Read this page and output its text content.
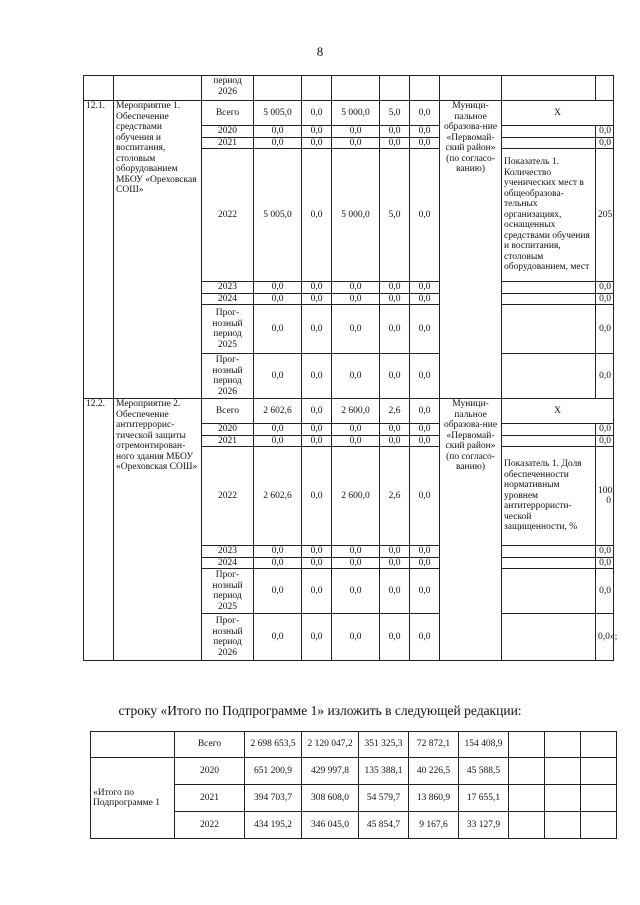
8
		период 2026								
12.1.	Мероприятие 1. Обеспечение средствами обучения и воспитания, столовым оборудованием МБОУ «Ореховская СОШ»	Всего	5 005,0	0,0	5 000,0	5,0	0,0	Муници-пальное образова-ние «Первомай-ский район» (по согласо-ванию)	Х	
		2020	0,0	0,0	0,0	0,0	0,0			0,0
		2021	0,0	0,0	0,0	0,0	0,0			0,0
		2022	5 005,0	0,0	5 000,0	5,0	0,0		Показатель 1. Количество ученических мест в общеобразова-тельных организациях, оснащенных средствами обучения и воспитания, столовым оборудованием, мест	205
		2023	0,0	0,0	0,0	0,0	0,0			0,0
		2024	0,0	0,0	0,0	0,0	0,0			0,0
		Прог-нозный период 2025	0,0	0,0	0,0	0,0	0,0			0,0
		Прог-нозный период 2026	0,0	0,0	0,0	0,0	0,0			0,0
12.2.	Мероприятие 2. Обеспечение антитеррорис-тической защиты отремонтирован-ного здания МБОУ «Ореховская СОШ»	Всего	2 602,6	0,0	2 600,0	2,6	0,0	Муници-пальное образова-ние «Первомай-ский район» (по согласо-ванию)	Х	
		2020	0,0	0,0	0,0	0,0	0,0			0,0
		2021	0,0	0,0	0,0	0,0	0,0			0,0
		2022	2 602,6	0,0	2 600,0	2,6	0,0		Показатель 1. Доля обеспеченности нормативным уровнем антитеррористи-ческой защищенности, %	100, 0
		2023	0,0	0,0	0,0	0,0	0,0			0,0
		2024	0,0	0,0	0,0	0,0	0,0			0,0
		Прог-нозный период 2025	0,0	0,0	0,0	0,0	0,0			0,0
		Прог-нозный период 2026	0,0	0,0	0,0	0,0	0,0			0,0»;
строку «Итого по Подпрограмме 1» изложить в следующей редакции:
	Всего	2 698 653,5	2 120 047,2	351 325,3	72 872,1	154 408,9			
«Итого по Подпрограмме 1	2020	651 200,9	429 997,8	135 388,1	40 226,5	45 588,5			
	2021	394 703,7	308 608,0	54 579,7	13 860,9	17 655,1			
	2022	434 195,2	346 045,0	45 854,7	9 167,6	33 127,9			
